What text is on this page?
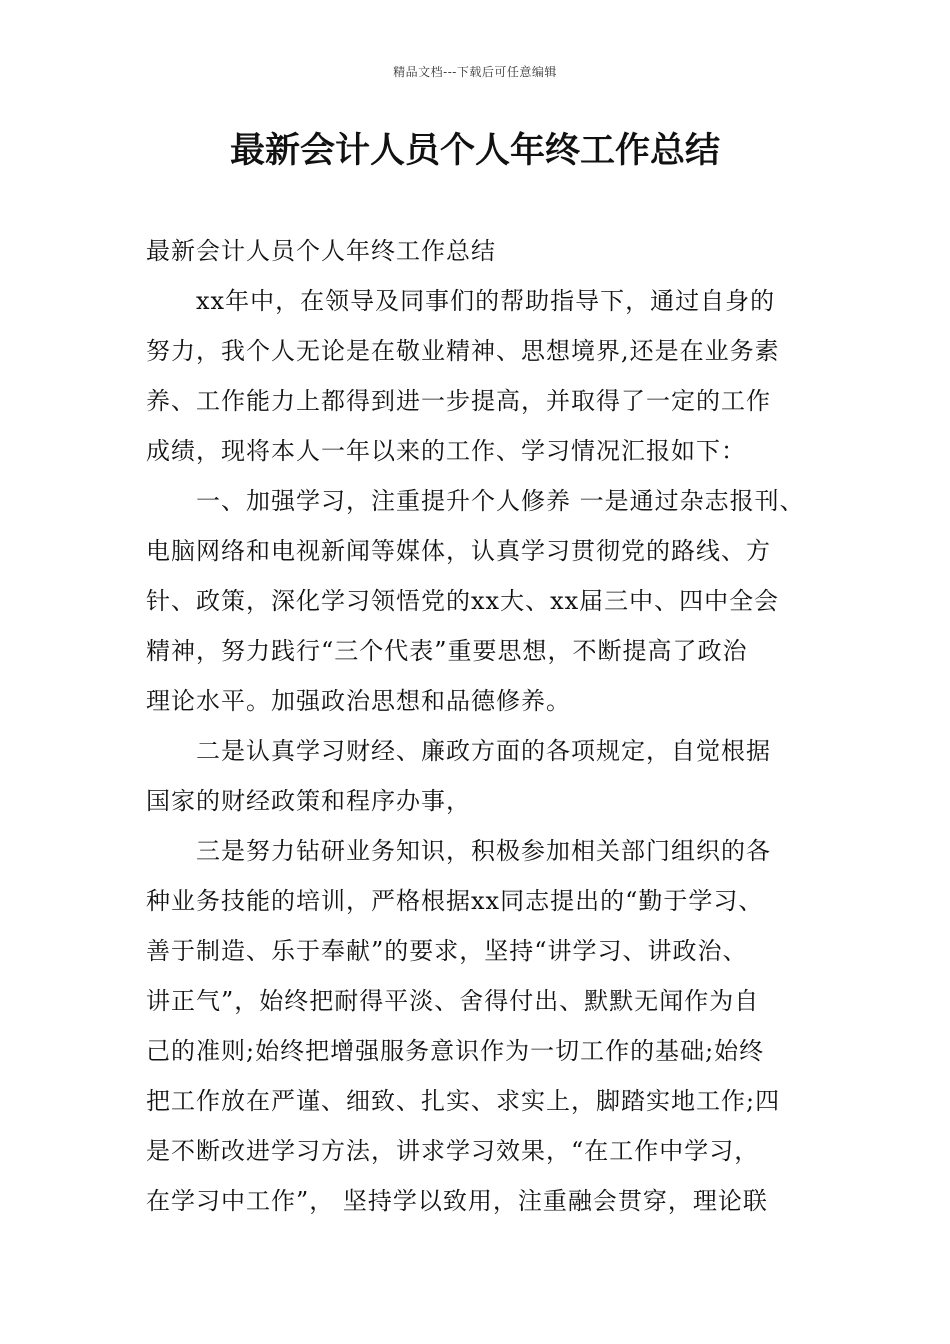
精品文档---下载后可任意编辑
最新会计人员个人年终工作总结
最新会计人员个人年终工作总结
　　xx年中，在领导及同事们的帮助指导下，通过自身的
努力，我个人无论是在敬业精神、思想境界,还是在业务素
养、工作能力上都得到进一步提高，并取得了一定的工作
成绩，现将本人一年以来的工作、学习情况汇报如下：
　　一、加强学习，注重提升个人修养 一是通过杂志报刊、
电脑网络和电视新闻等媒体，认真学习贯彻党的路线、方
针、政策，深化学习领悟党的xx大、xx届三中、四中全会
精神，努力践行“三个代表”重要思想，不断提高了政治
理论水平。加强政治思想和品德修养。
　　二是认真学习财经、廉政方面的各项规定，自觉根据
国家的财经政策和程序办事，
　　三是努力钻研业务知识，积极参加相关部门组织的各
种业务技能的培训，严格根据xx同志提出的“勤于学习、
善于制造、乐于奉献”的要求，坚持“讲学习、讲政治、
讲正气”，始终把耐得平淡、舍得付出、默默无闻作为自
己的准则;始终把增强服务意识作为一切工作的基础;始终
把工作放在严谨、细致、扎实、求实上，脚踏实地工作;四
是不断改进学习方法，讲求学习效果，“在工作中学习，
在学习中工作”， 坚持学以致用，注重融会贯穿，理论联
